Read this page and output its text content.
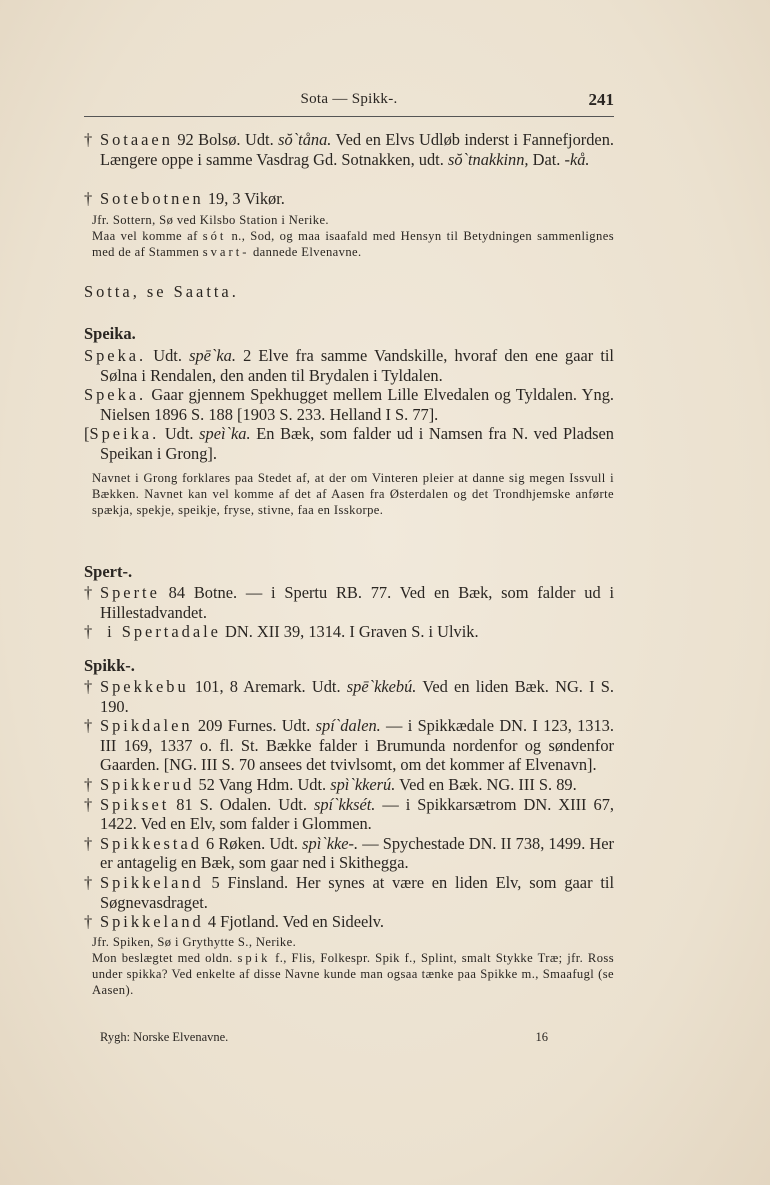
Sota — Spikk-.	241

† Sotaaen 92 Bolsø. Udt. sŏ`tåna. Ved en Elvs Udløb inderst i Fannefjorden. Længere oppe i samme Vasdrag Gd. Sotnakken, udt. sŏ`tnakkinn, Dat. -kå.

† Sotebotnen 19, 3 Vikør.

Jfr. Sottern, Sø ved Kilsbo Station i Nerike.

Maa vel komme af sót n., Sod, og maa isaafald med Hensyn til Betydningen sammenlignes med de af Stammen svart- dannede Elvenavne.

Sotta, se Saatta.

Speika.

Speka. Udt. spē`ka. 2 Elve fra samme Vandskille, hvoraf den ene gaar til Sølna i Rendalen, den anden til Brydalen i Tyldalen.

Speka. Gaar gjennem Spekhugget mellem Lille Elvedalen og Tyldalen. Yng. Nielsen 1896 S. 188 [1903 S. 233. Helland I S. 77].

[Speika. Udt. speì`ka. En Bæk, som falder ud i Namsen fra N. ved Pladsen Speikan i Grong].

Navnet i Grong forklares paa Stedet af, at der om Vinteren pleier at danne sig megen Issvull i Bækken. Navnet kan vel komme af det af Aasen fra Østerdalen og det Trondhjemske anførte spækja, spekje, speikje, fryse, stivne, faa en Isskorpe.

Spert-.

† Sperte 84 Botne. — i Spertu RB. 77. Ved en Bæk, som falder ud i Hillestadvandet.

† i Spertadale DN. XII 39, 1314. I Graven S. i Ulvik.

Spikk-.

† Spekkebu 101, 8 Aremark. Udt. spē`kkebú. Ved en liden Bæk. NG. I S. 190.

† Spikdalen 209 Furnes. Udt. spí`dalen. — i Spikkædale DN. I 123, 1313. III 169, 1337 o. fl. St. Bække falder i Brumunda nordenfor og søndenfor Gaarden. [NG. III S. 70 ansees det tvivlsomt, om det kommer af Elvenavn].

† Spikkerud 52 Vang Hdm. Udt. spì`kkerú. Ved en Bæk. NG. III S. 89.

† Spikset 81 S. Odalen. Udt. spí`kksét. — i Spikkarsætrom DN. XIII 67, 1422. Ved en Elv, som falder i Glommen.

† Spikkestad 6 Røken. Udt. spì`kke-. — Spychestade DN. II 738, 1499. Her er antagelig en Bæk, som gaar ned i Skithegga.

† Spikkeland 5 Finsland. Her synes at være en liden Elv, som gaar til Søgnevasdraget.

† Spikkeland 4 Fjotland. Ved en Sideelv.

Jfr. Spiken, Sø i Grythytte S., Nerike.

Mon beslægtet med oldn. spik f., Flis, Folkespr. Spik f., Splint, smalt Stykke Træ; jfr. Ross under spikka? Ved enkelte af disse Navne kunde man ogsaa tænke paa Spikke m., Smaafugl (se Aasen).

Rygh: Norske Elvenavne.	16
